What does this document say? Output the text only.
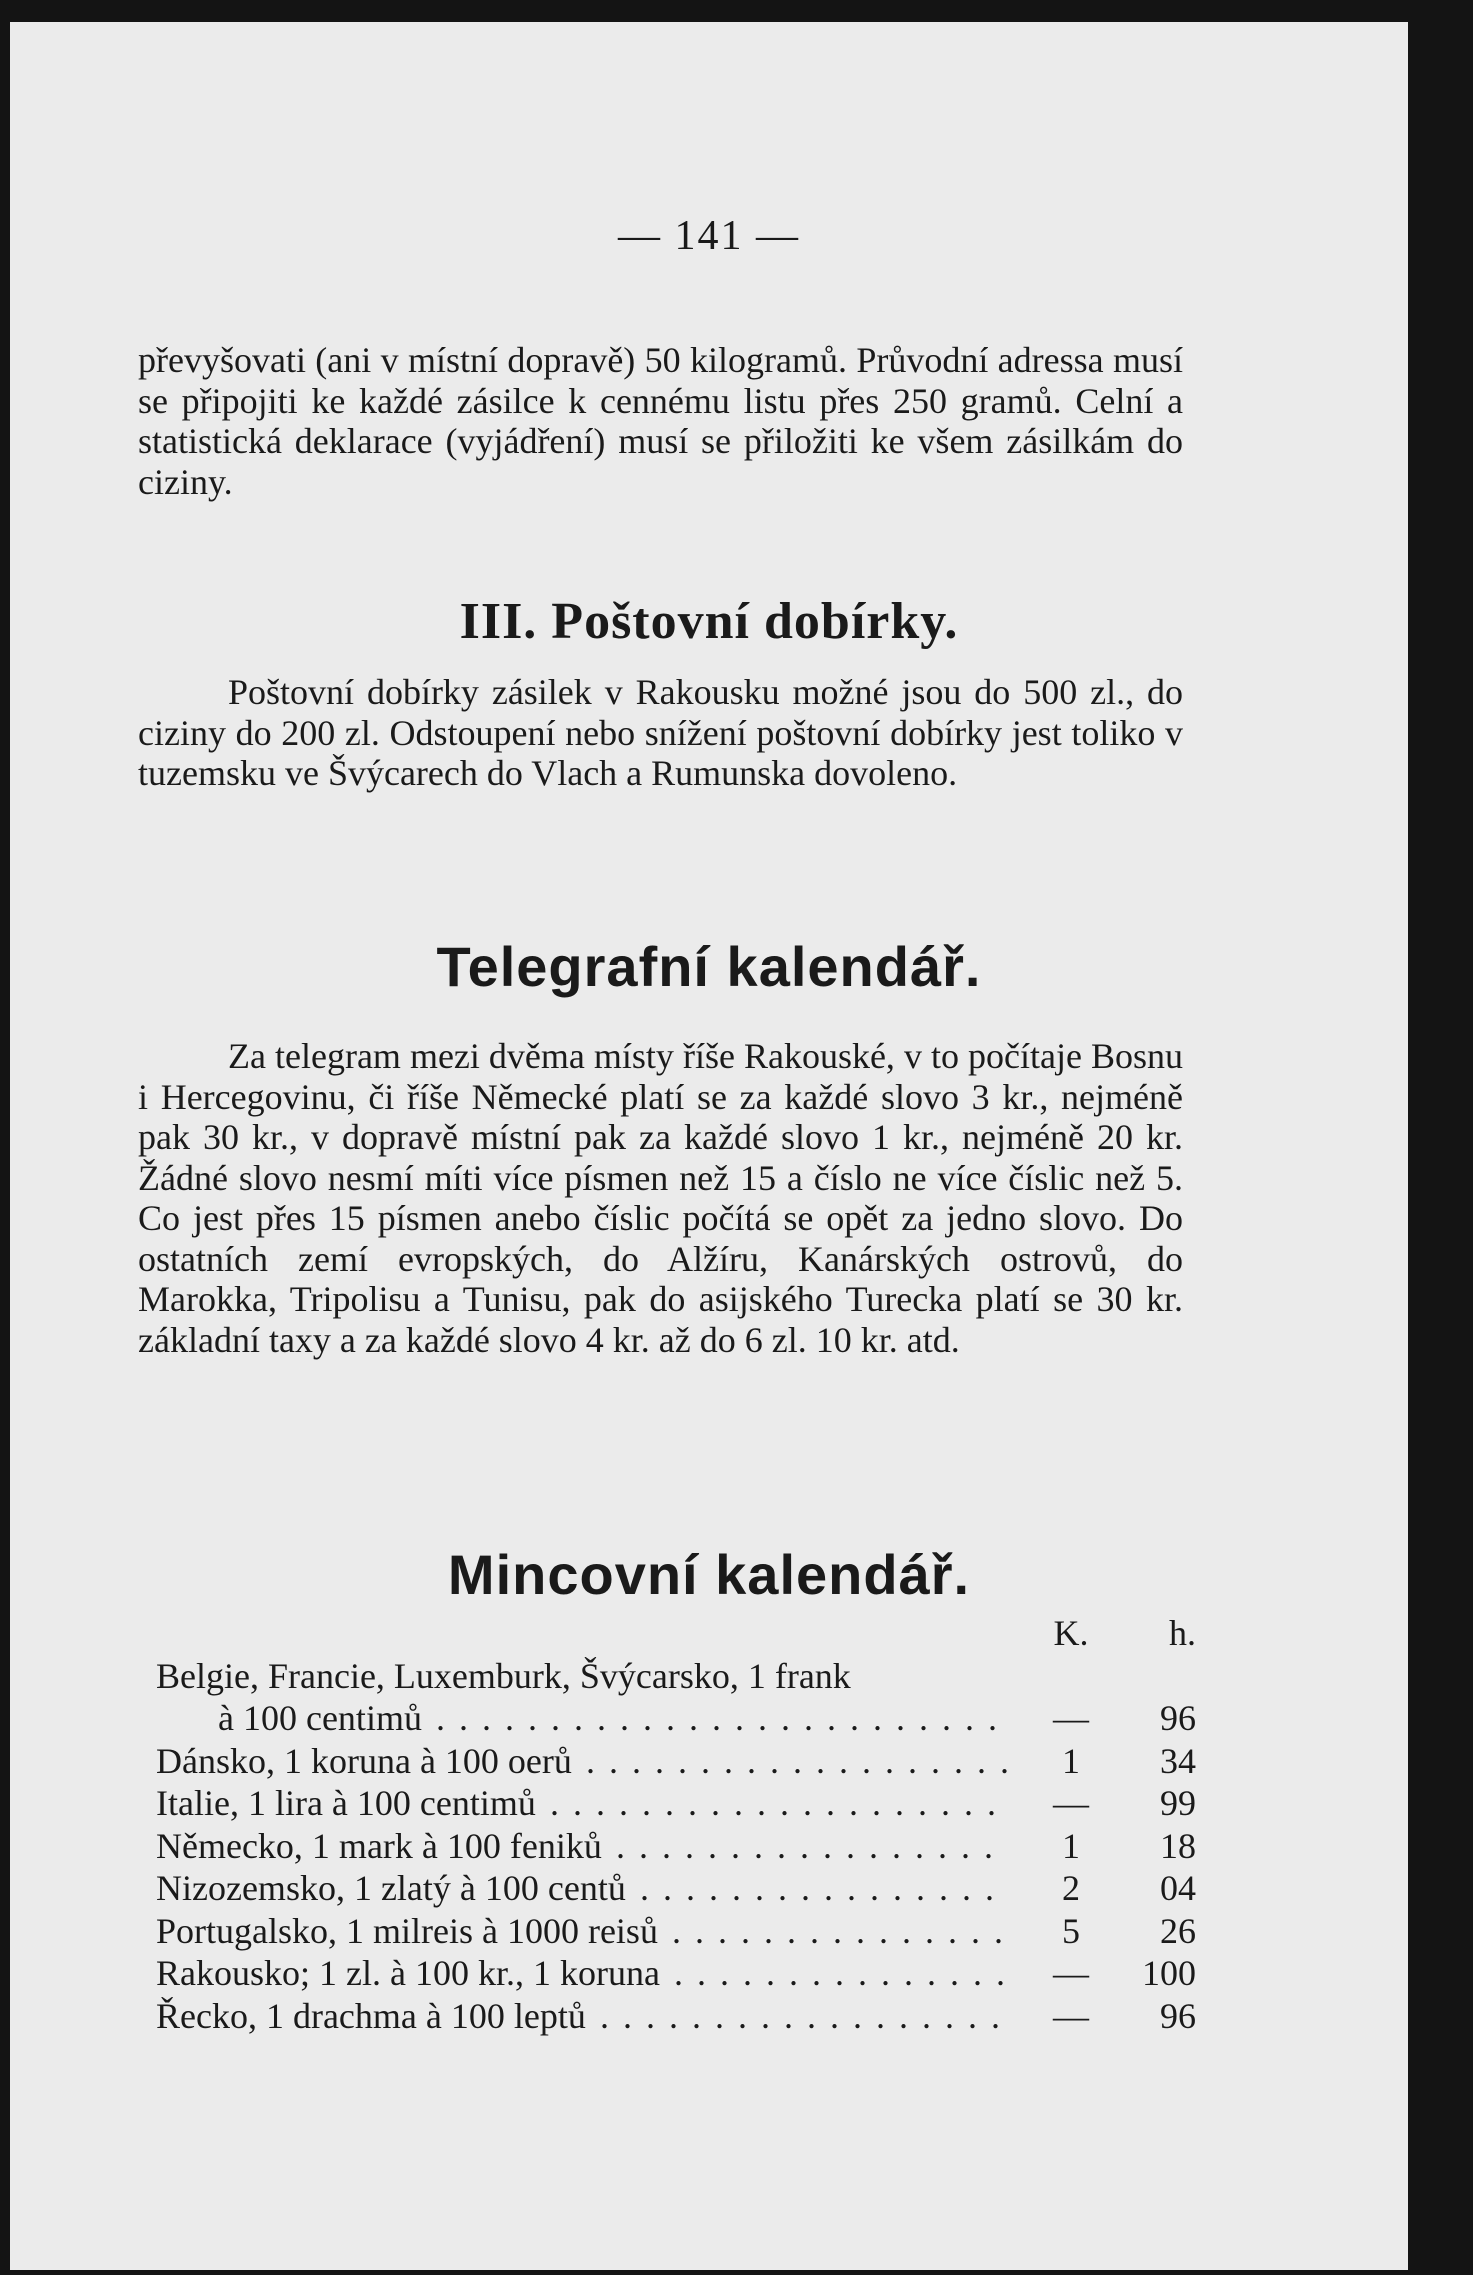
— 141 —

převyšovati (ani v místní dopravě) 50 kilogramů. Průvodní adressa musí se připojiti ke každé zásilce k cennému listu přes 250 gramů. Celní a statistická deklarace (vyjádření) musí se přiložiti ke všem zásilkám do ciziny.

III. Poštovní dobírky.

Poštovní dobírky zásilek v Rakousku možné jsou do 500 zl., do ciziny do 200 zl. Odstoupení nebo snížení poštovní dobírky jest toliko v tuzemsku ve Švýcarech do Vlach a Rumunska dovoleno.

Telegrafní kalendář.

Za telegram mezi dvěma místy říše Rakouské, v to počítaje Bosnu i Hercegovinu, či říše Německé platí se za každé slovo 3 kr., nejméně pak 30 kr., v dopravě místní pak za každé slovo 1 kr., nejméně 20 kr. Žádné slovo nesmí míti více písmen než 15 a číslo ne více číslic než 5. Co jest přes 15 písmen anebo číslic počítá se opět za jedno slovo. Do ostatních zemí evropských, do Alžíru, Kanárských ostrovů, do Marokka, Tripolisu a Tunisu, pak do asijského Turecka platí se 30 kr. základní taxy a za každé slovo 4 kr. až do 6 zl. 10 kr. atd.

Mincovní kalendář.
K.	h.
Belgie, Francie, Luxemburk, Švýcarsko, 1 frank
à 100 centimů .........................	—	96
Dánsko, 1 koruna à 100 oerů ...................	1	34
Italie, 1 lira à 100 centimů ....................	—	99
Německo, 1 mark à 100 feniků .................	1	18
Nizozemsko, 1 zlatý à 100 centů ................	2	04
Portugalsko, 1 milreis à 1000 reisů ...............	5	26
Rakousko; 1 zl. à 100 kr., 1 koruna ............... —	100
Řecko, 1 drachma à 100 leptů ..................	—	96
